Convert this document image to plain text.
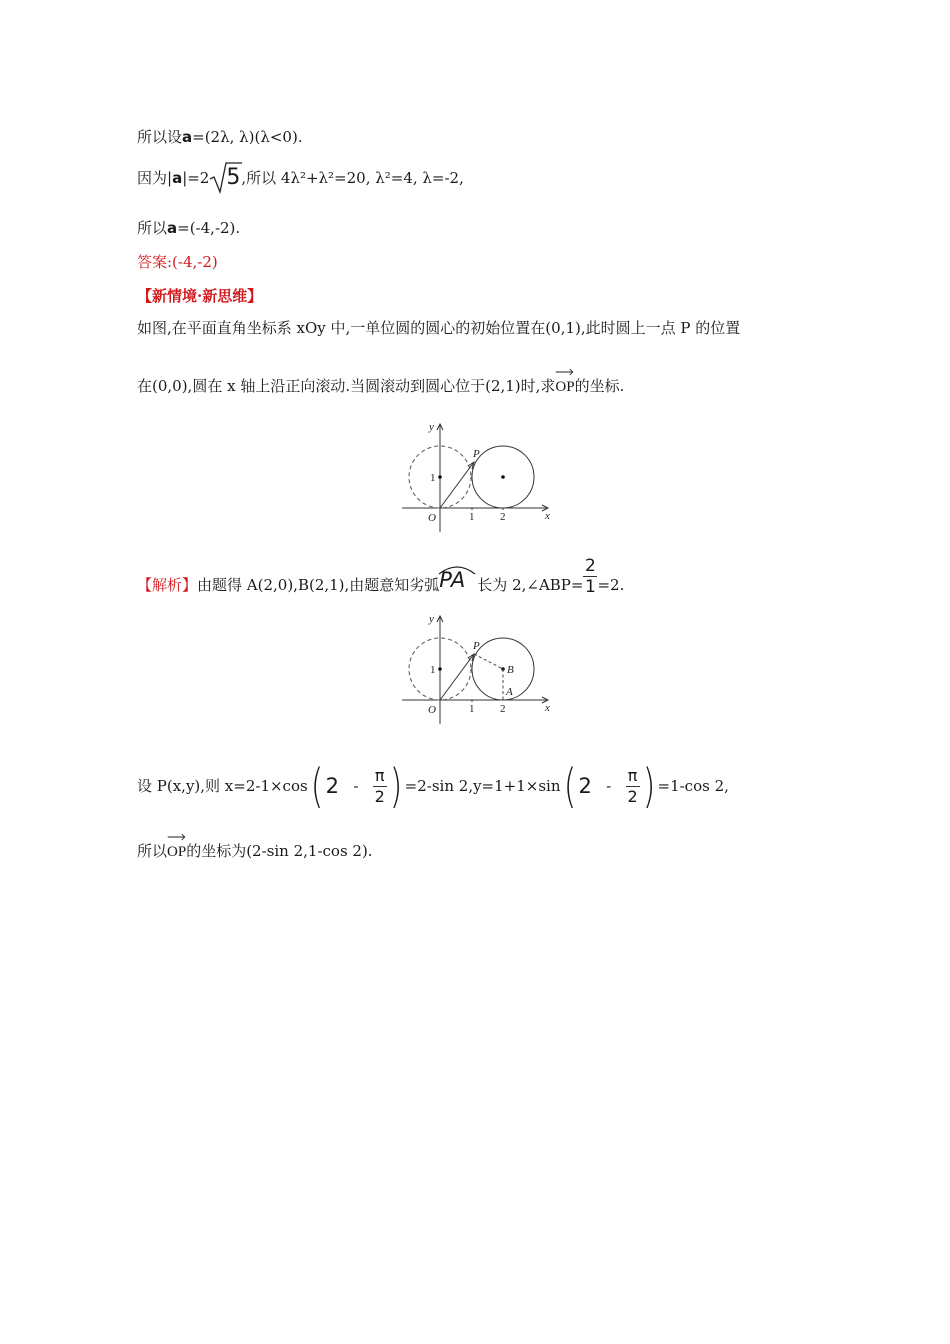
所以设a=(2λ, λ)(λ<0).
因为|a|=2 5 ,所以 4λ²+λ²=20, λ²=4, λ=-2,
所以a=(-4,-2).
答案:(-4,-2)
【新情境·新思维】
如图,在平面直角坐标系 xOy 中,一单位圆的圆心的初始位置在(0,1),此时圆上一点 P 的位置
在(0,0),圆在 x 轴上沿正向滚动.当圆滚动到圆心位于(2,1)时,求
OP的坐标.
P
y
x
O
1
1 2
【解析】由题得 A(2,0),B(2,1),由题意知劣弧 PA 长为 2,∠ABP= $\frac{2}{1} =2$.
P
B
A
y
x
O
1
1 2
设 P(x,y),则 x=2-1×cos( $2 - \frac{\pi}{2}$ ) =2-sin 2,y=1+1×sin( $2 - \frac{\pi}{2}$ ) =1-cos 2,
所以
OP的坐标为(2-sin 2,1-cos 2).
